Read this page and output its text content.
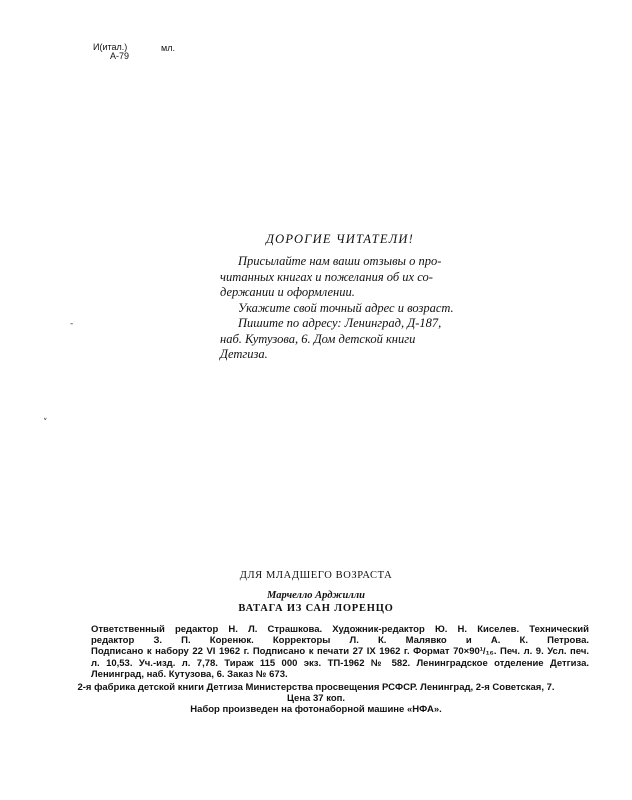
И(итал.)
А-79
мл.
ДОРОГИЕ ЧИТАТЕЛИ!

Присылайте нам ваши отзывы о про-

читанных книгах и пожелания об их со-

держании и оформлении.

Укажите свой точный адрес и возраст.

Пишите по адресу: Ленинград, Д-187,

наб. Кутузова, 6. Дом детской книги

Детгиза.

-
˅
ДЛЯ МЛАДШЕГО ВОЗРАСТА
Марчелло Арджилли
ВАТАГА ИЗ САН ЛОРЕНЦО

Ответственный редактор Н. Л. Страшкова. Художник-редактор Ю. Н. Киселев. Технический

редактор З. П. Коренюк. Корректоры Л. К. Малявко и А. К. Петрова.

Подписано к набору 22 VI 1962 г. Подписано к печати 27 IX 1962 г. Формат 70×90¹/₁₆. Печ. л. 9. Усл. печ.

л. 10,53. Уч.-изд. л. 7,78. Тираж 115 000 экз. ТП-1962 № 582. Ленинградское отделение Детгиза.

Ленинград, наб. Кутузова, 6. Заказ № 673.

2-я фабрика детской книги Детгиза Министерства просвещения РСФСР. Ленинград, 2-я Советская, 7.
Цена 37 коп.
Набор произведен на фотонаборной машине «НФА».
